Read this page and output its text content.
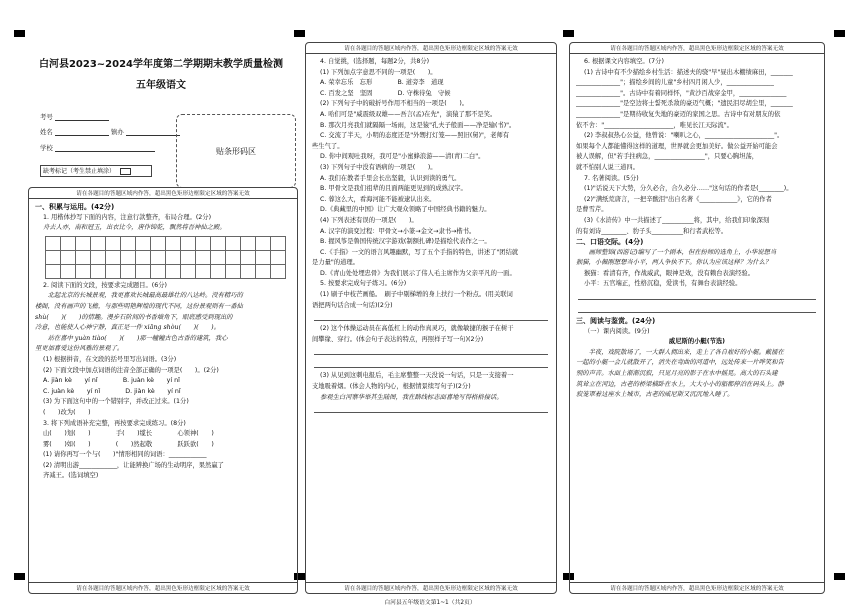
白河县2023~2024学年度第二学期期末教学质量检测
五年级语文
考号
姓名	镇办
学校
缺考标记（考生禁止填涂）
贴条形码区
请在各题目的答题区域内作答，超出黑色矩形边框限定区域的答案无效

一、积累与运用。(42分)

1. 用楷体抄写下面的内容，注意行款整齐，布局合理。(2分)

舟去人亦，南和冠玉，出衣比今，唐作锦乾，飘然将吾神仙之殿。

2. 阅读下面的文段，按要求完成题目。(6分)

　　北起北京的长城景观，我更喜欢长城最高最雄壮的八达岭。没有精巧的

楼阁，没有画声的飞檐，与那些明艳辉煌的现代不同，这份景观则有一番仙

shù(　　)(　　)的情趣。漫步石阶间的书香墙角下，眼底感受到现出的

冷意，也能使人心神宁静，真正是一件 xiāng shòu(　　)(　　)。

　　站在喜中 yuàn tiào(　　)(　　)那一幢幢古色古香的建筑，我心

里更加喜爱这份风雅的景观了。

(1) 根据拼音，在文段的括号里写出词语。(3分)

(2) 下面文段中加点词语的注音全部正确的一项是(　　)。(2分)

A. jiàn kè　　yí nǐ　　　　B. juàn kè　　yí nǐ

C. juàn kè　　yí nǐ　　　　D. jiàn kè　　yí nǐ

(3) 为下面这句中的一个错别字，并改正过来。(1分)

(　　)改为(　　)

3. 将下列成语补充完整，再按要求完成练习。(8分)

山(　　)划(　　)　　　　手(　　)缆长　　　　心领神(　　)

雾(　　)如(　　)　　　　(　　)然起敬　　　　跃跃欲(　　)

(1) 请你再写一个与(　　)"情形相同的词语：____________

(2) 清明出游____________，让能辨换广场的生动明序，果然赢了

齐减王。(选词填空)

请在各题目的答题区域内作答，超出黑色矩形边框限定区域的答案无效
请在各题目的答题区域内作答，超出黑色矩形边框限定区域的答案无效

4. 自觉挑，(选择题，每题2分，共8分)

(1) 下列加点字意思不同的一项是(　　)。

A. 荣幸忘乐　忘形　　　　B. 道旁李　道现

C. 百发之坚　坚固　　　　D. 守株待兔　守候

(2) 下列句子中的破折号作用不相当的一项是(　　)。

A. 哈们可是"威震级双雄——吾言(孟)在先"，演猿了那不是笑。

B. 那次月亮我们就隔隔一场雨，这是猿"孔夫子般面——净是输(书)"。

C. 交流了半天，小明的态度还是"外甥打灯笼——照旧(舅)"，老师有

些生气了。

D. 你中间观吐我呀，我可是"小蜜蜂浪游——清(青)二白"。

(3) 下列句子中没有语病的一项是(　　)。

A. 我们在教者手里会长出坚毅，认识到读的勇气。

B. 甲骨文是我们祖辈的且面两能更见到的成熟汉字。

C. 蓉这么大，看海河能不能被逮认出来。

D.《典藏里的中国》让广大观众领略了中国经典书籍的魅力。

(4) 下列表述有误的一项是(　　)。

A. 汉字的演变过程：甲骨文→小篆→金文→隶书→楷书。

B. 握风筝是鲁国传统汉字游戏(制额扎碑)是描绘代表作之一。

C.《手指》一文的语言风趣幽默，写了五个手指的特色，讲述了"团结就

是力量"的道理。

D.《青山处处埋忠骨》为我们展示了伟人毛主席作为父亲平凡的一面。

5. 按要求完成句子练习。(6分)

(1) 刷子中枝芒画船。　刷子中剔梯增的身上扶行一个粉点。(用关联词

语把两句话合成一句话)(2分)

(2) 这个体操运动员在高低杠上的动作真灵巧，就像敏捷的猴子在树干

间攀缘、穿行。(体会句子表达的特点，再照样子写一句)(2分)

(3) 从见到这刺电报后，毛主席整整一天没说一句话，只是一支接着一

支地吸着烟。(体会人物的内心，根据情景续写句子)(2分)

参观生白河寨华举其生陆图，我在路线标志面喜地写得格格接话。

请在各题目的答题区域内作答，超出黑色矩形边框限定区域的答案无效
请在各题目的答题区域内作答，超出黑色矩形边框限定区域的答案无效

6. 根据课文内容填空。(7分)

(1) 古诗中有不少描绘乡村生活：描述夫的骁"早"昼出木棚绩麻田，_______

______________"；描绘乡间的儿童"乡村四月闲人少，_______________

______________"。古诗中有着同样怀，"黄沙百战穿金甲，_______________

______________"是空边将士誓死杀敌的豪迈气概；"遗民泪尽胡尘里，_______

______________"是期待收复失地的豪迈的家国之思。古诗中有对朋友的依

依不舍："______________________，唯见长江天际流"。

(2) 李叔叔热心公益，他曾说："喇叭之心，______________________"。

如果每个人都能懂得这样的道理，世界就会更加美好。做公益开始可能会

被人误解，但"若手拄病急，________________"，只要心胸坦荡，

就不怕别人说三道四。

7. 名著阅读。(5分)

(1)"话说天下大势，分久必合，合久必分……"这句话的作者是(________)。

(2)"满纸荒唐言，一把辛酸泪"出自名著《____________》，它的作者

是曹雪芹。

(3)《水浒传》中一共描述了__________将，其中，给我们印象深刻

的有刘诗________、豹子头__________和行者武松等。

二、口语交际。(4分)

　　画师整锦(西游记)编写了一个剧本，但在扮师的选角上，小华说想当

猴猫，小佩刚想想当小平，两人争执不下。你认为应该这样？为什么？

猴猫：看清有齐，作战威武，眼神是效，没有赖台表演经验。

小平：五官端正，性格沉稳，爱读书，有舞台表演经验。

三、阅读与鉴赏。(24分)

（一）课内阅读。(9分)

威尼斯的小艇(节选)

　　半夜，戏院散场了，一大群人拥出来，走上了各自雇好的小艇。戴擂在

一起的小艇一会儿就散开了，消失在弯曲的河道中，远处传来一片哗笑和告

别的声音。水面上渐渐沉寂，只见月亮的影子在水中摇晃。高大的石头建

筑耸立在河边，古老的桥梁横卧在水上，大大小小的船都停泊在码头上。静

寂笼罩着这座水上城市，古老的威尼斯又沉沉地入睡了。

请在各题目的答题区域内作答，超出黑色矩形边框限定区域的答案无效
白河县五年级语文第1~1（共2页）
